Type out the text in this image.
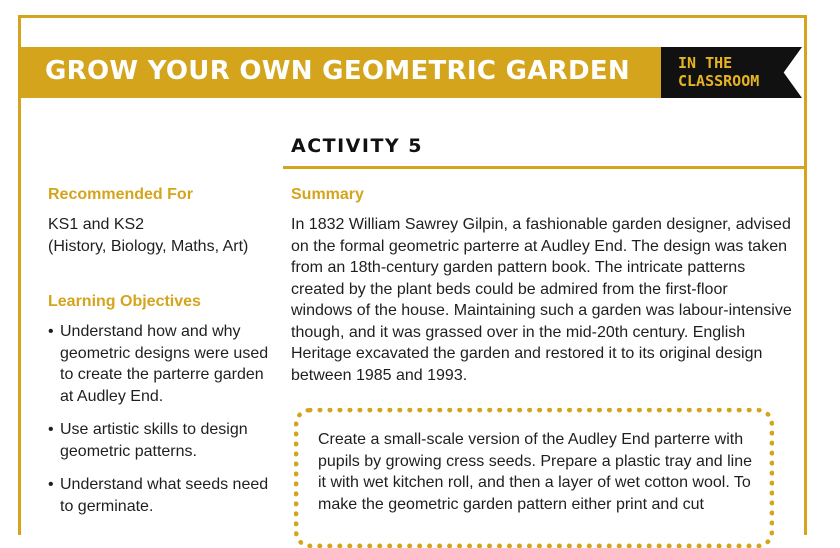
GROW YOUR OWN GEOMETRIC GARDEN	IN THE
CLASSROOM
ACTIVITY 5
Recommended For
KS1 and KS2
(History, Biology, Maths, Art)
Learning Objectives
• Understand how and why geometric designs were used to create the parterre garden at Audley End.
• Use artistic skills to design geometric patterns.
• Understand what seeds need to germinate.
Summary
In 1832 William Sawrey Gilpin, a fashionable garden designer, advised on the formal geometric parterre at Audley End. The design was taken from an 18th-century garden pattern book. The intricate patterns created by the plant beds could be admired from the first-floor windows of the house. Maintaining such a garden was labour-intensive though, and it was grassed over in the mid-20th century. English Heritage excavated the garden and restored it to its original design between 1985 and 1993.
Create a small-scale version of the Audley End parterre with pupils by growing cress seeds. Prepare a plastic tray and line it with wet kitchen roll, and then a layer of wet cotton wool. To make the geometric garden pattern either print and cut
